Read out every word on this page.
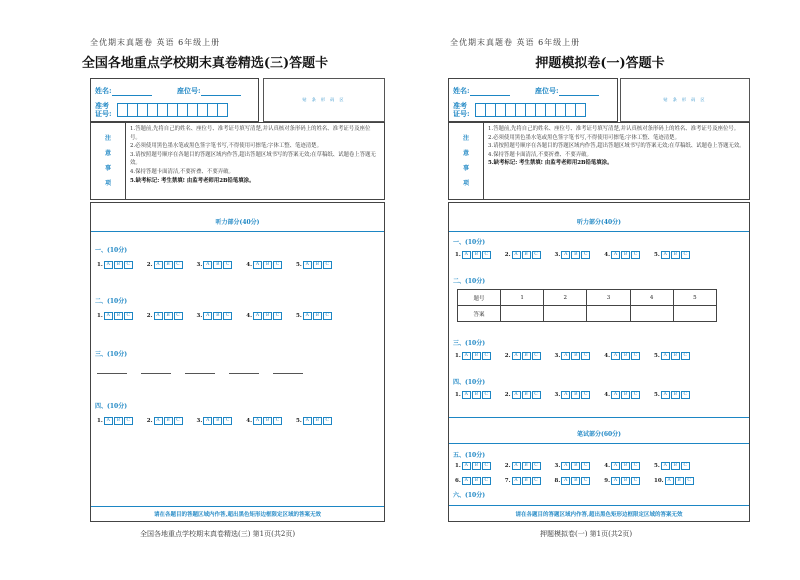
全优期末真题卷 英语 6年级上册
全国各地重点学校期末真卷精选(三)答题卡
姓名:	座位号:
准考证号:
贴 条 形 码 区
注
意
事
项
1.答题前,先将自己的姓名、座位号、准考证号填写清楚,并认真核对条形码上的姓名、准考证号及座位号。
2.必须使用黑色墨水笔或黑色签字笔书写,不得使用可擦笔;字体工整、笔迹清楚。
3.请按照题号顺序在各题目的答题区域内作答,超出答题区域书写的答案无效;在草稿纸、试题卷上答题无效。
4.保持答题卡面清洁,不要折叠、不要弄破。
5.缺考标记: 考生禁填! 由监考老师用2B铅笔填涂。
听力部分(40分)
一、(10分)
1. A	B	C	2. A	B	C	3. A	B	C	4. A	B	C	5. A	B	C
二、(10分)
1. A	B	C	2. A	B	C	3. A	B	C	4. A	B	C	5. A	B	C
三、(10分)
四、(10分)
1. A	B	C	2. A	B	C	3. A	B	C	4. A	B	C	5. A	B	C
请在各题目的答题区域内作答,超出黑色矩形边框限定区域的答案无效
全国各地重点学校期末真卷精选(三) 第1页(共2页)
全优期末真题卷 英语 6年级上册
押题模拟卷(一)答题卡
姓名:	座位号:
准考证号:
贴 条 形 码 区
注
意
事
项
1.答题前,先将自己的姓名、座位号、准考证号填写清楚,并认真核对条形码上的姓名、准考证号及座位号。
2.必须使用黑色墨水笔或黑色签字笔书写,不得使用可擦笔;字体工整、笔迹清楚。
3.请按照题号顺序在各题目的答题区域内作答,超出答题区域书写的答案无效;在草稿纸、试题卷上答题无效。
4.保持答题卡面清洁,不要折叠、不要弄破。
5.缺考标记: 考生禁填! 由监考老师用2B铅笔填涂。
听力部分(40分)
一、(10分)
1. A	B	C	2. A	B	C	3. A	B	C	4. A	B	C	5. A	B	C
二、(10分)
题号	1	2	3	4	5
答案					
三、(10分)
1. A	B	C	2. A	B	C	3. A	B	C	4. A	B	C	5. A	B	C
四、(10分)
1. A	B	C	2. A	B	C	3. A	B	C	4. A	B	C	5. A	B	C
笔试部分(60分)
五、(10分)
1. A	B	C	2. A	B	C	3. A	B	C	4. A	B	C	5. A	B	C
6. A	B	C	7. A	B	C	8. A	B	C	9. A	B	C	10. A	B	C
六、(10分)
请在各题目的答题区域内作答,超出黑色矩形边框限定区域的答案无效
押题模拟卷(一) 第1页(共2页)
